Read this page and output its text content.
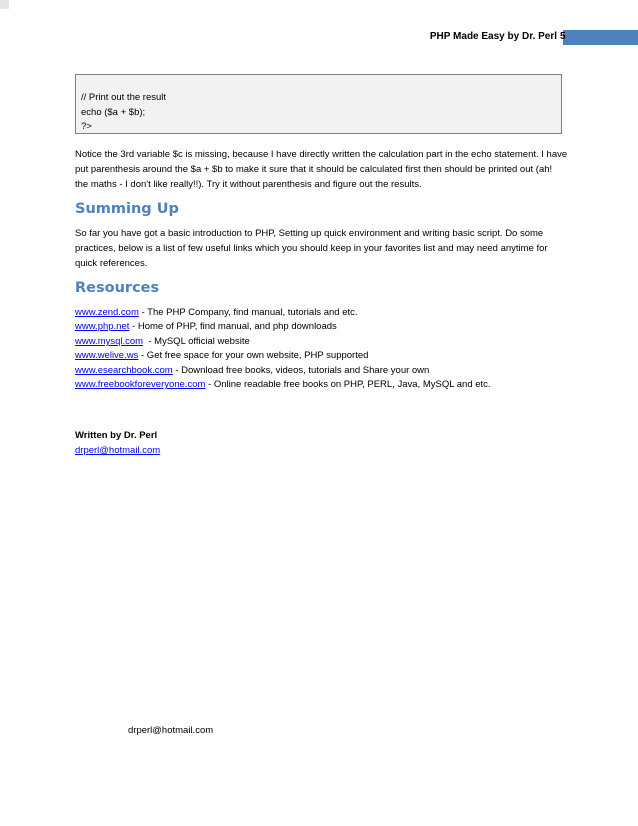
PHP Made Easy by Dr. Perl 5
// Print out the result
echo ($a + $b);
?>
Notice the 3rd variable $c is missing, because I have directly written the calculation part in the echo statement. I have
put parenthesis around the $a + $b to make it sure that it should be calculated first then should be printed out (ah!
the maths - I don't like really!!). Try it without parenthesis and figure out the results.
Summing Up
So far you have got a basic introduction to PHP, Setting up quick environment and writing basic script. Do some
practices, below is a list of few useful links which you should keep in your favorites list and may need anytime for
quick references.
Resources
www.zend.com - The PHP Company, find manual, tutorials and etc.
www.php.net - Home of PHP, find manual, and php downloads
www.mysql.com  - MySQL official website
www.welive.ws - Get free space for your own website, PHP supported
www.esearchbook.com - Download free books, videos, tutorials and Share your own
www.freebookforeveryone.com - Online readable free books on PHP, PERL, Java, MySQL and etc.
Written by Dr. Perl
drperl@hotmail.com
drperl@hotmail.com
